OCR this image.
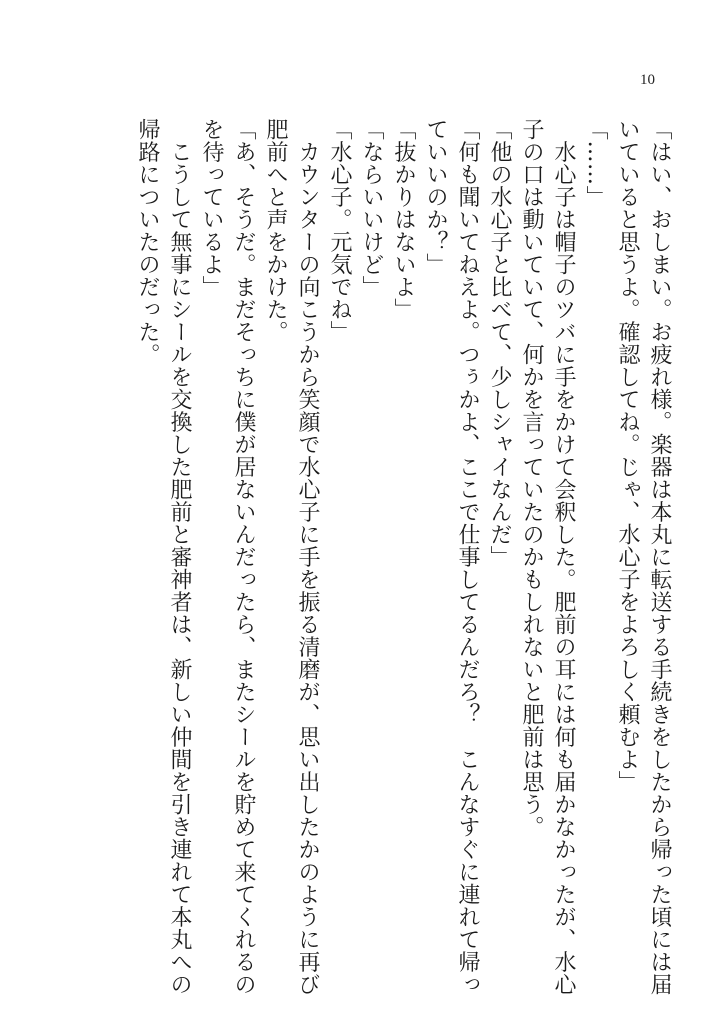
10
「はい、おしまい。お疲れ様。楽器は本丸に転送する手続きをしたから帰った頃には届
いていると思うよ。確認してね。じゃ、水心子をよろしく頼むよ」
「……」
　水心子は帽子のツバに手をかけて会釈した。肥前の耳には何も届かなかったが、水心
子の口は動いていて、何かを言っていたのかもしれないと肥前は思う。
「他の水心子と比べて、少しシャイなんだ」
「何も聞いてねえよ。つぅかよ、ここで仕事してるんだろ？　こんなすぐに連れて帰っ
ていいのか？」
「抜かりはないよ」
「ならいいけど」
「水心子。元気でね」
　カウンターの向こうから笑顔で水心子に手を振る清磨が、思い出したかのように再び
肥前へと声をかけた。
「あ、そうだ。まだそっちに僕が居ないんだったら、またシールを貯めて来てくれるの
を待っているよ」
　こうして無事にシールを交換した肥前と審神者は、新しい仲間を引き連れて本丸への
帰路についたのだった。
